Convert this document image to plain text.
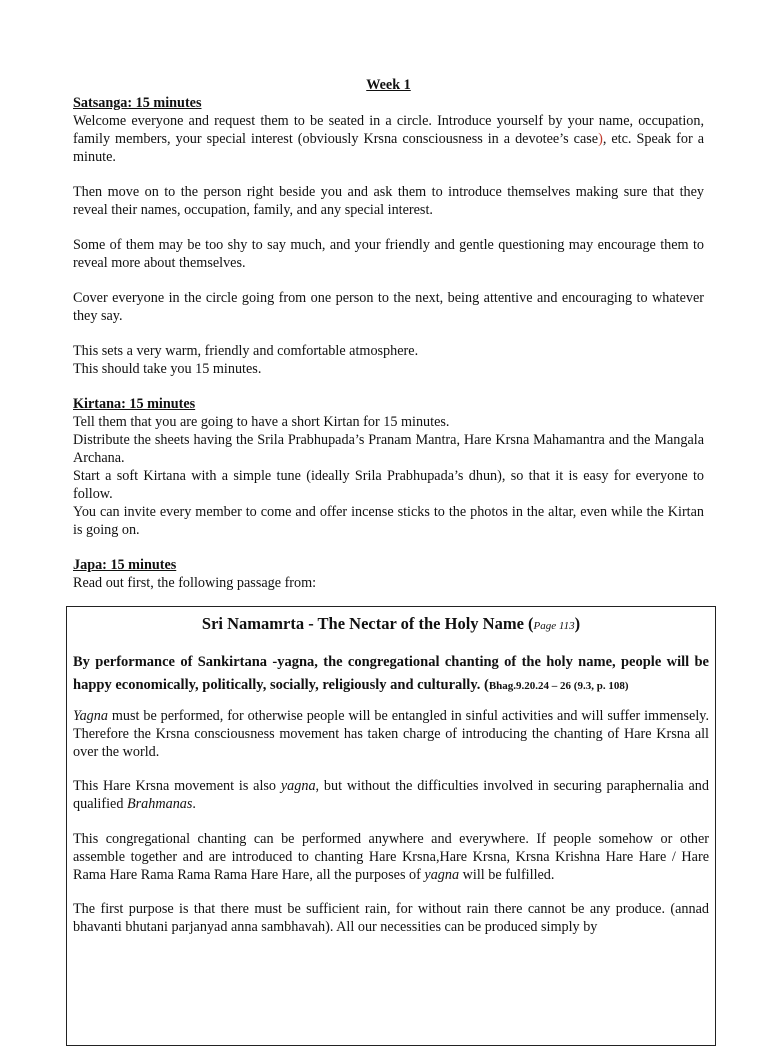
Week 1
Satsanga: 15 minutes

Welcome everyone and request them to be seated in a circle. Introduce yourself by your name, occupation, family members, your special interest (obviously Krsna consciousness in a devotee’s case), etc. Speak for a minute.

Then move on to the person right beside you and ask them to introduce themselves making sure that they reveal their names, occupation, family, and any special interest.

Some of them may be too shy to say much, and your friendly and gentle questioning may encourage them to reveal more about themselves.

Cover everyone in the circle going from one person to the next, being attentive and encouraging to whatever they say.

This sets a very warm, friendly and comfortable atmosphere.

This should take you 15 minutes.

Kirtana: 15 minutes

Tell them that you are going to have a short Kirtan for 15 minutes.

Distribute the sheets having the Srila Prabhupada’s Pranam Mantra, Hare Krsna Mahamantra and the Mangala Archana.

Start a soft Kirtana with a simple tune (ideally Srila Prabhupada’s dhun), so that it is easy for everyone to follow.

You can invite every member to come and offer incense sticks to the photos in the altar, even while the Kirtan is going on.

Japa: 15 minutes

Read out first, the following passage from:

Sri Namamrta - The Nectar of the Holy Name (Page 113)
By performance of Sankirtana -yagna, the congregational chanting of the holy name, people will be happy economically, politically, socially, religiously and culturally. (Bhag.9.20.24 – 26 (9.3, p. 108)

Yagna must be performed, for otherwise people will be entangled in sinful activities and will suffer immensely. Therefore the Krsna consciousness movement has taken charge of introducing the chanting of Hare Krsna all over the world.

This Hare Krsna movement is also yagna, but without the difficulties involved in securing paraphernalia and qualified Brahmanas.

This congregational chanting can be performed anywhere and everywhere. If people somehow or other assemble together and are introduced to chanting Hare Krsna,Hare Krsna, Krsna Krishna Hare Hare / Hare Rama Hare Rama Rama Rama Hare Hare, all the purposes of yagna will be fulfilled.

The first purpose is that there must be sufficient rain, for without rain there cannot be any produce. (annad bhavanti bhutani parjanyad anna sambhavah). All our necessities can be produced simply by
